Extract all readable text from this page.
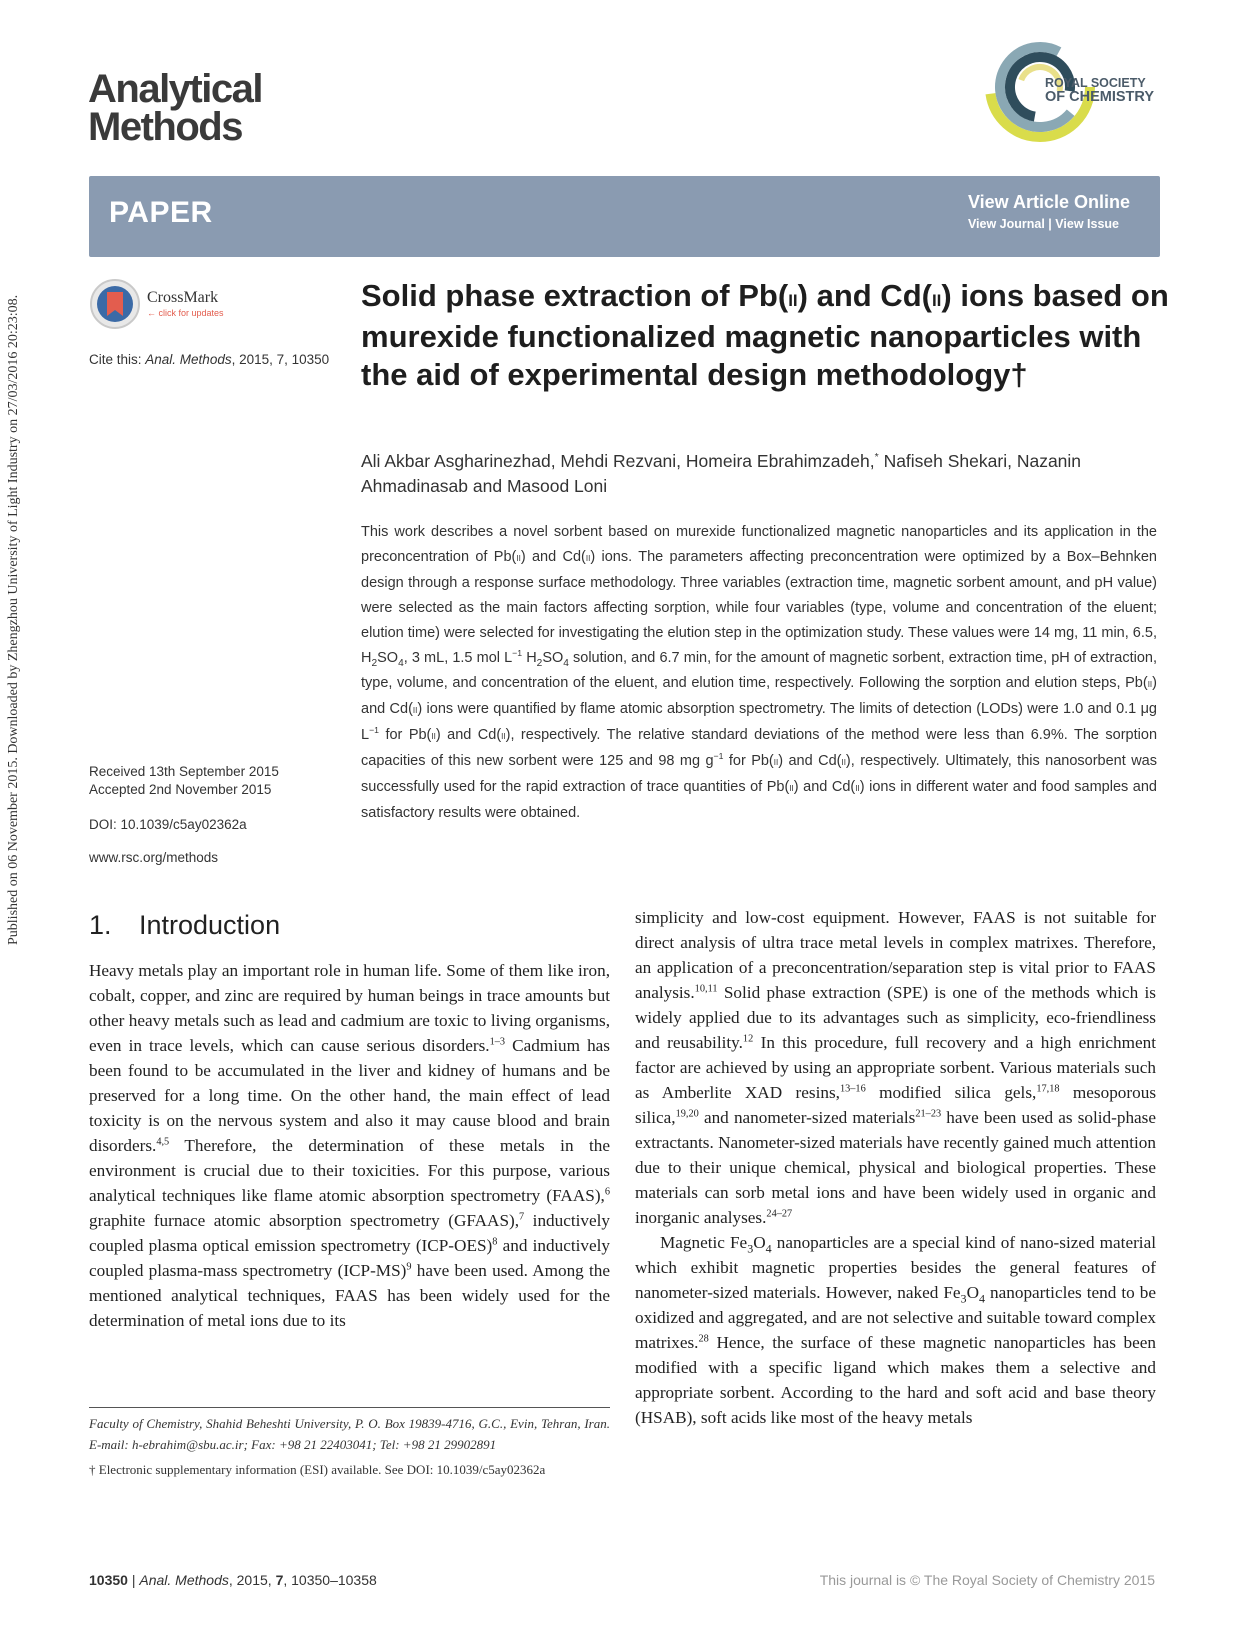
Published on 06 November 2015. Downloaded by Zhengzhou University of Light Industry on 27/03/2016 20:23:08.
Analytical
Methods
ROYAL SOCIETY
OF CHEMISTRY
PAPER	View Article Online
View Journal | View Issue
CrossMark
← click for updates
Cite this: Anal. Methods, 2015, 7, 10350
Received 13th September 2015
Accepted 2nd November 2015
DOI: 10.1039/c5ay02362a
www.rsc.org/methods
Solid phase extraction of Pb(ii) and Cd(ii) ions based on murexide functionalized magnetic nanoparticles with the aid of experimental design methodology†
Ali Akbar Asgharinezhad, Mehdi Rezvani, Homeira Ebrahimzadeh,* Nafiseh Shekari, Nazanin Ahmadinasab and Masood Loni
This work describes a novel sorbent based on murexide functionalized magnetic nanoparticles and its application in the preconcentration of Pb(ii) and Cd(ii) ions. The parameters affecting preconcentration were optimized by a Box–Behnken design through a response surface methodology. Three variables (extraction time, magnetic sorbent amount, and pH value) were selected as the main factors affecting sorption, while four variables (type, volume and concentration of the eluent; elution time) were selected for investigating the elution step in the optimization study. These values were 14 mg, 11 min, 6.5, $H_2SO_4$, 3 mL, 1.5 mol $L^{-1}$ $H_2SO_4$ solution, and 6.7 min, for the amount of magnetic sorbent, extraction time, pH of extraction, type, volume, and concentration of the eluent, and elution time, respectively. Following the sorption and elution steps, Pb(ii) and Cd(ii) ions were quantified by flame atomic absorption spectrometry. The limits of detection (LODs) were 1.0 and 0.1 μg $L^{-1}$ for Pb(ii) and Cd(ii), respectively. The relative standard deviations of the method were less than 6.9%. The sorption capacities of this new sorbent were 125 and 98 mg $g^{-1}$ for Pb(ii) and Cd(ii), respectively. Ultimately, this nanosorbent was successfully used for the rapid extraction of trace quantities of Pb(ii) and Cd(ii) ions in different water and food samples and satisfactory results were obtained.
1. Introduction

Heavy metals play an important role in human life. Some of them like iron, cobalt, copper, and zinc are required by human beings in trace amounts but other heavy metals such as lead and cadmium are toxic to living organisms, even in trace levels, which can cause serious disorders.$^{1-3}$ Cadmium has been found to be accumulated in the liver and kidney of humans and be preserved for a long time. On the other hand, the main effect of lead toxicity is on the nervous system and also it may cause blood and brain disorders.$^{4,5}$ Therefore, the determination of these metals in the environment is crucial due to their toxicities. For this purpose, various analytical techniques like flame atomic absorption spectrometry (FAAS),$^6$ graphite furnace atomic absorption spectrometry (GFAAS),$^7$ inductively coupled plasma optical emission spectrometry $(ICP-OES)^8$ and inductively coupled plasma-mass spectrometry $(ICP-MS)^9$ have been used. Among the mentioned analytical techniques, FAAS has been widely used for the determination of metal ions due to its

simplicity and low-cost equipment. However, FAAS is not suitable for direct analysis of ultra trace metal levels in complex matrixes. Therefore, an application of a preconcentration/separation step is vital prior to FAAS analysis.$^{10,11}$ Solid phase extraction (SPE) is one of the methods which is widely applied due to its advantages such as simplicity, eco-friendliness and reusability.$^{12}$ In this procedure, full recovery and a high enrichment factor are achieved by using an appropriate sorbent. Various materials such as Amberlite XAD resins,$^{13-16}$ modified silica gels,$^{17,18}$ mesoporous silica,$^{19,20}$ and nanometer-sized materials$^{21-23}$ have been used as solid-phase extractants. Nanometer-sized materials have recently gained much attention due to their unique chemical, physical and biological properties. These materials can sorb metal ions and have been widely used in organic and inorganic analyses.$^{24-27}$

Magnetic $Fe_3O_4$ nanoparticles are a special kind of nano-sized material which exhibit magnetic properties besides the general features of nanometer-sized materials. However, naked $Fe_3O_4$ nanoparticles tend to be oxidized and aggregated, and are not selective and suitable toward complex matrixes.$^{28}$ Hence, the surface of these magnetic nanoparticles has been modified with a specific ligand which makes them a selective and appropriate sorbent. According to the hard and soft acid and base theory (HSAB), soft acids like most of the heavy metals

Faculty of Chemistry, Shahid Beheshti University, P. O. Box 19839-4716, G.C., Evin, Tehran, Iran. E-mail: h-ebrahim@sbu.ac.ir; Fax: +98 21 22403041; Tel: +98 21 29902891

† Electronic supplementary information (ESI) available. See DOI: 10.1039/c5ay02362a

10350 | Anal. Methods, 2015, 7, 10350–10358	This journal is © The Royal Society of Chemistry 2015
